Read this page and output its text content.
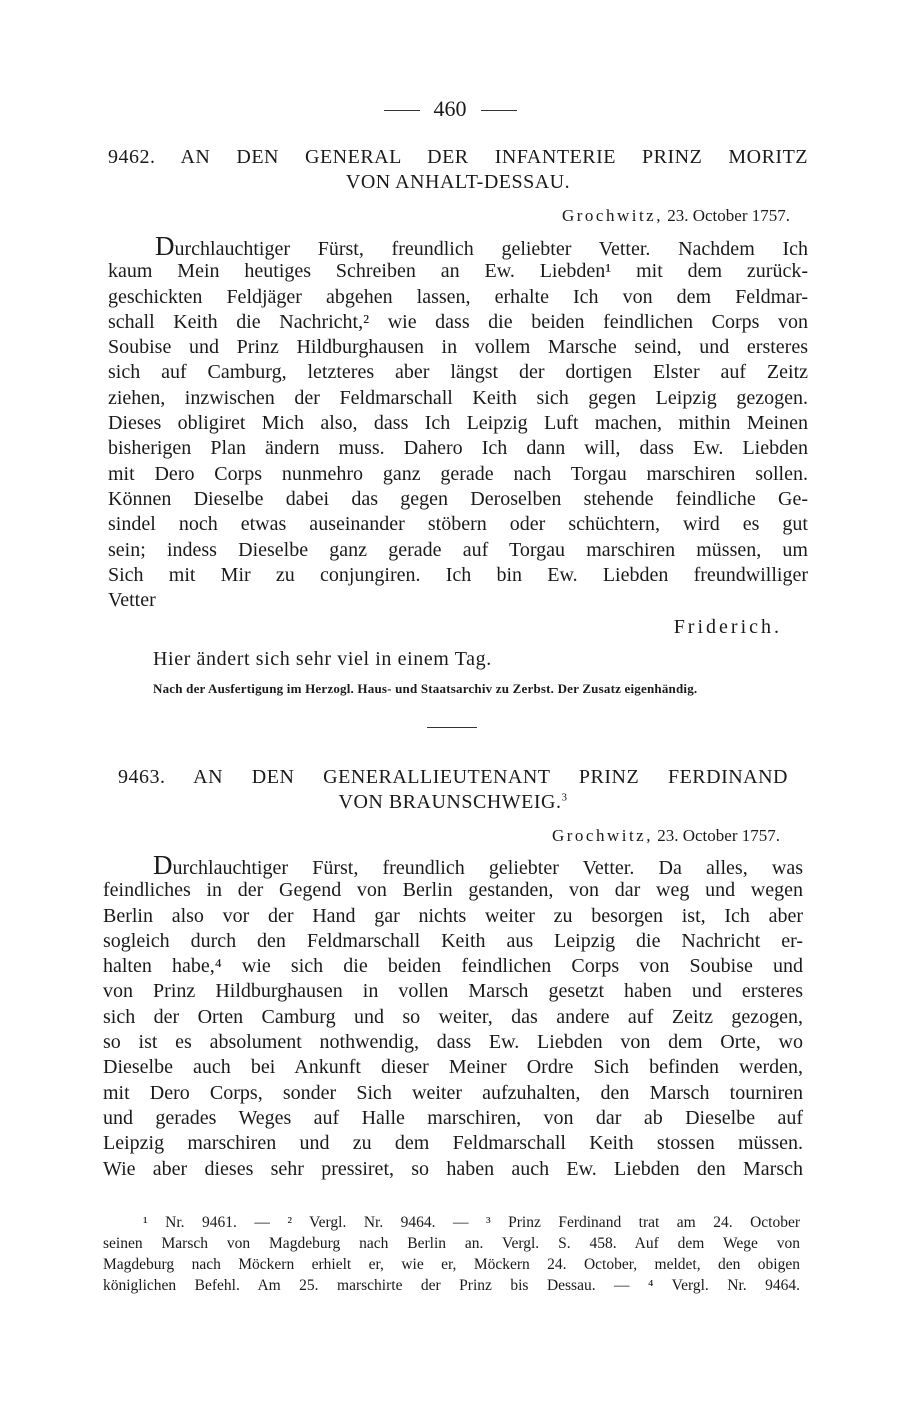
460
9462. AN DEN GENERAL DER INFANTERIE PRINZ MORITZ
VON ANHALT-DESSAU.
Grochwitz, 23. October 1757.
Durchlauchtiger Fürst, freundlich geliebter Vetter. Nachdem Ich
kaum Mein heutiges Schreiben an Ew. Liebden¹ mit dem zurück-
geschickten Feldjäger abgehen lassen, erhalte Ich von dem Feldmar-
schall Keith die Nachricht,² wie dass die beiden feindlichen Corps von
Soubise und Prinz Hildburghausen in vollem Marsche seind, und ersteres
sich auf Camburg, letzteres aber längst der dortigen Elster auf Zeitz
ziehen, inzwischen der Feldmarschall Keith sich gegen Leipzig gezogen.
Dieses obligiret Mich also, dass Ich Leipzig Luft machen, mithin Meinen
bisherigen Plan ändern muss. Dahero Ich dann will, dass Ew. Liebden
mit Dero Corps nunmehro ganz gerade nach Torgau marschiren sollen.
Können Dieselbe dabei das gegen Deroselben stehende feindliche Ge-
sindel noch etwas auseinander stöbern oder schüchtern, wird es gut
sein; indess Dieselbe ganz gerade auf Torgau marschiren müssen, um
Sich mit Mir zu conjungiren. Ich bin Ew. Liebden freundwilliger
Vetter
Friderich.
Hier ändert sich sehr viel in einem Tag.
Nach der Ausfertigung im Herzogl. Haus- und Staatsarchiv zu Zerbst. Der Zusatz eigenhändig.
9463. AN DEN GENERALLIEUTENANT PRINZ FERDINAND
VON BRAUNSCHWEIG.$^3$
Grochwitz, 23. October 1757.
Durchlauchtiger Fürst, freundlich geliebter Vetter. Da alles, was
feindliches in der Gegend von Berlin gestanden, von dar weg und wegen
Berlin also vor der Hand gar nichts weiter zu besorgen ist, Ich aber
sogleich durch den Feldmarschall Keith aus Leipzig die Nachricht er-
halten habe,⁴ wie sich die beiden feindlichen Corps von Soubise und
von Prinz Hildburghausen in vollen Marsch gesetzt haben und ersteres
sich der Orten Camburg und so weiter, das andere auf Zeitz gezogen,
so ist es absolument nothwendig, dass Ew. Liebden von dem Orte, wo
Dieselbe auch bei Ankunft dieser Meiner Ordre Sich befinden werden,
mit Dero Corps, sonder Sich weiter aufzuhalten, den Marsch tourniren
und gerades Weges auf Halle marschiren, von dar ab Dieselbe auf
Leipzig marschiren und zu dem Feldmarschall Keith stossen müssen.
Wie aber dieses sehr pressiret, so haben auch Ew. Liebden den Marsch
¹ Nr. 9461. — ² Vergl. Nr. 9464. — ³ Prinz Ferdinand trat am 24. October
seinen Marsch von Magdeburg nach Berlin an. Vergl. S. 458. Auf dem Wege von
Magdeburg nach Möckern erhielt er, wie er, Möckern 24. October, meldet, den obigen
königlichen Befehl. Am 25. marschirte der Prinz bis Dessau. — ⁴ Vergl. Nr. 9464.
